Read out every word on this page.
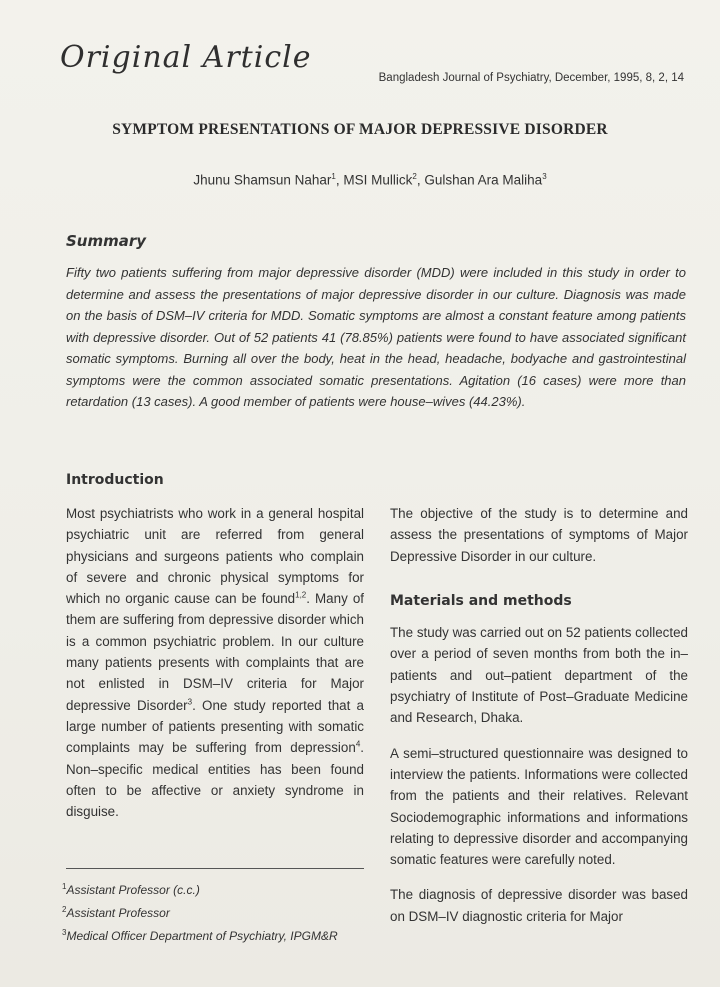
Original Article
Bangladesh Journal of Psychiatry, December, 1995, 8, 2, 14
SYMPTOM PRESENTATIONS OF MAJOR DEPRESSIVE DISORDER
Jhunu Shamsun Nahar$^1$, MSI Mullick$^2$, Gulshan Ara Maliha$^3$
Summary
Fifty two patients suffering from major depressive disorder (MDD) were included in this study in order to determine and assess the presentations of major depressive disorder in our culture. Diagnosis was made on the basis of DSM–IV criteria for MDD. Somatic symptoms are almost a constant feature among patients with depressive disorder. Out of 52 patients 41 (78.85%) patients were found to have associated significant somatic symptoms. Burning all over the body, heat in the head, headache, bodyache and gastrointestinal symptoms were the common associated somatic presentations. Agitation (16 cases) were more than retardation (13 cases). A good member of patients were house–wives (44.23%).
Introduction
Most psychiatrists who work in a general hospital psychiatric unit are referred from general physicians and surgeons patients who complain of severe and chronic physical symptoms for which no organic cause can be found$^{1,2}$. Many of them are suffering from depressive disorder which is a common psychiatric problem. In our culture many patients presents with complaints that are not enlisted in DSM–IV criteria for Major depressive Disorder$^3$. One study reported that a large number of patients presenting with somatic complaints may be suffering from depression$^4$. Non–specific medical entities has been found often to be affective or anxiety syndrome in disguise.

The objective of the study is to determine and assess the presentations of symptoms of Major Depressive Disorder in our culture.

Materials and methods

The study was carried out on 52 patients collected over a period of seven months from both the in–patients and out–patient department of the psychiatry of Institute of Post–Graduate Medicine and Research, Dhaka.

A semi–structured questionnaire was designed to interview the patients. Informations were collected from the patients and their relatives. Relevant Sociodemographic informations and informations relating to depressive disorder and accompanying somatic features were carefully noted.

The diagnosis of depressive disorder was based on DSM–IV diagnostic criteria for Major

$^1$Assistant Professor (c.c.)
$^2$Assistant Professor
$^3$Medical Officer Department of Psychiatry, IPGM&R
